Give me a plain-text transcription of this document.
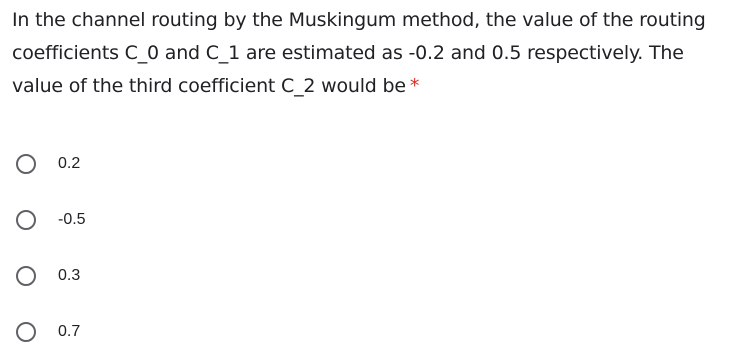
In the channel routing by the Muskingum method, the value of the routing
coefficients C_0 and C_1 are estimated as -0.2 and 0.5 respectively. The
value of the third coefficient C_2 would be *
0.2
-0.5
0.3
0.7
